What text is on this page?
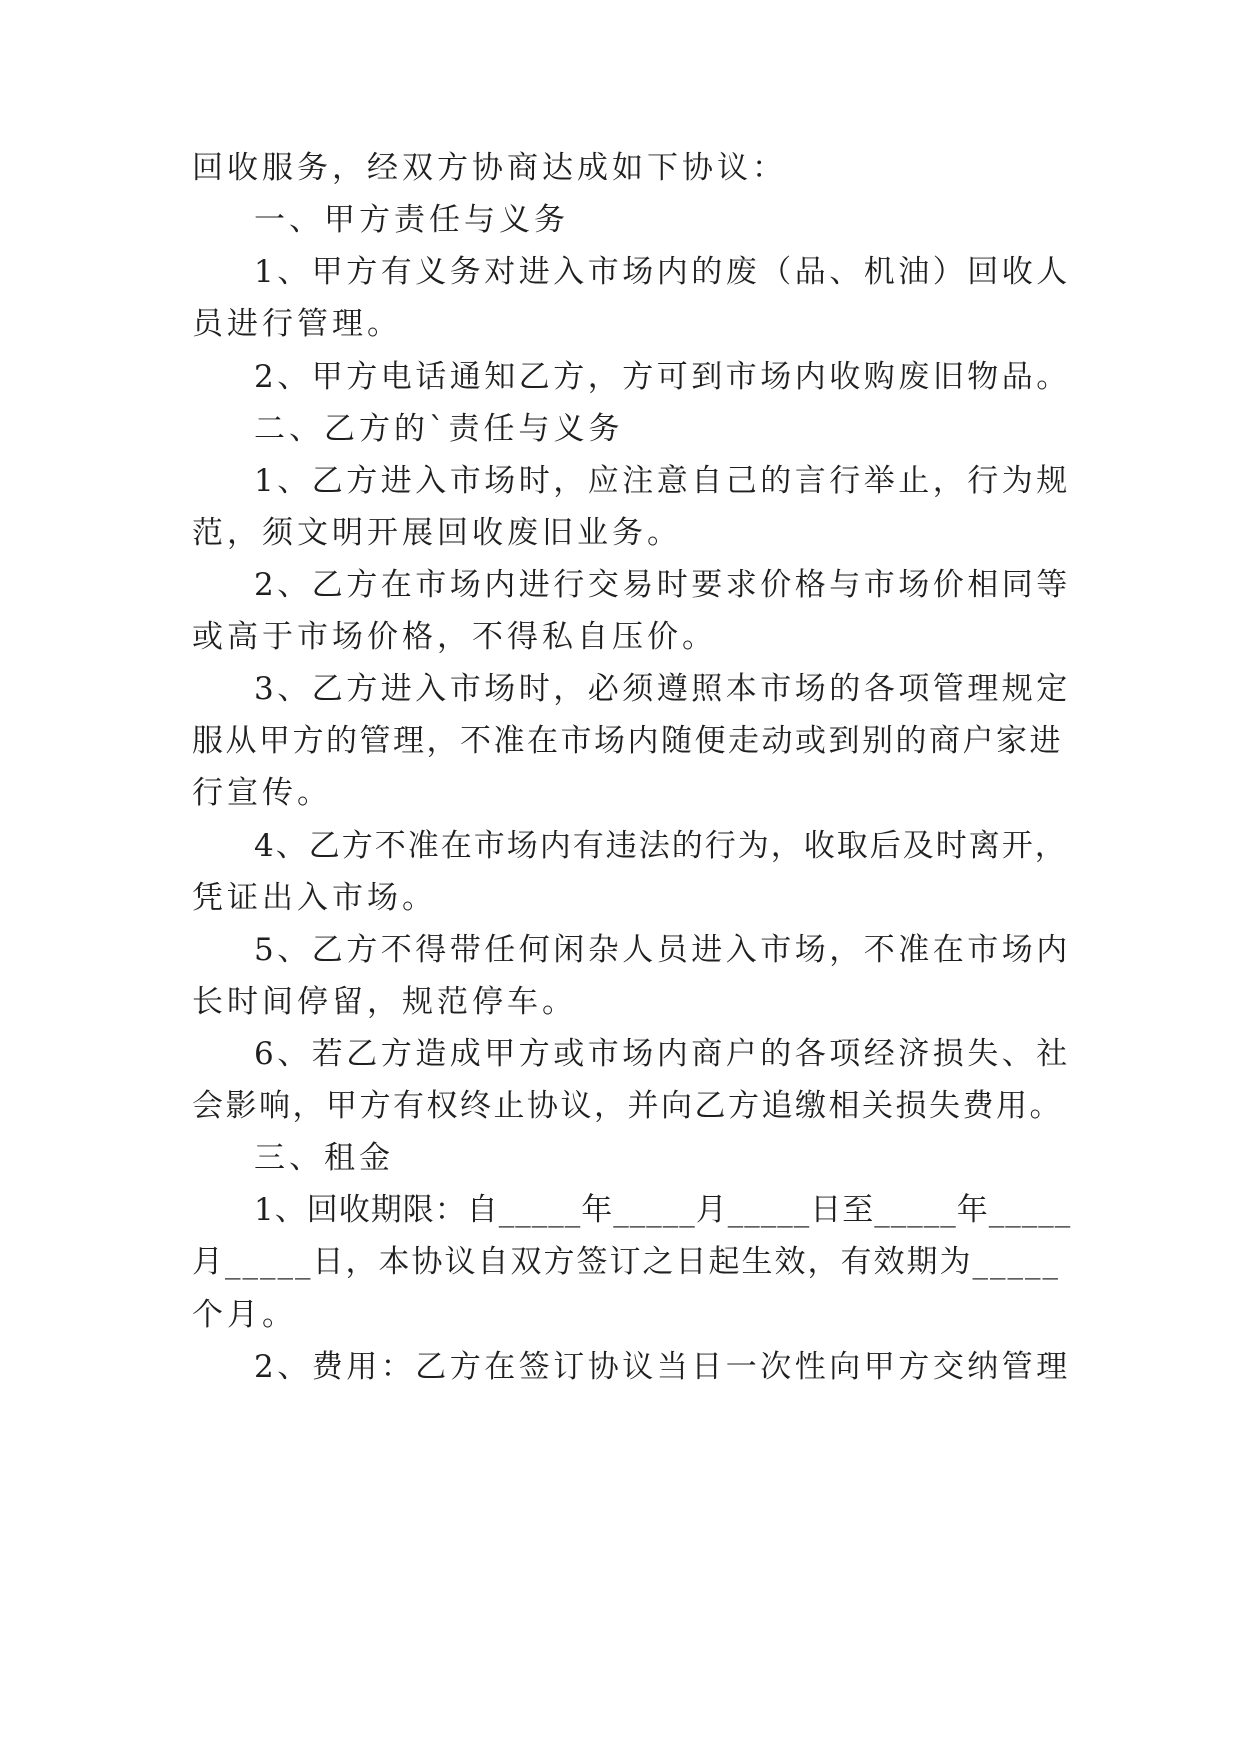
回收服务，经双方协商达成如下协议：
一、甲方责任与义务
1、甲方有义务对进入市场内的废（品、机油）回收人
员进行管理。
2、甲方电话通知乙方，方可到市场内收购废旧物品。
二、乙方的`责任与义务
1、乙方进入市场时，应注意自己的言行举止，行为规
范，须文明开展回收废旧业务。
2、乙方在市场内进行交易时要求价格与市场价相同等
或高于市场价格，不得私自压价。
3、乙方进入市场时，必须遵照本市场的各项管理规定
服从甲方的管理，不准在市场内随便走动或到别的商户家进
行宣传。
4、乙方不准在市场内有违法的行为，收取后及时离开，
凭证出入市场。
5、乙方不得带任何闲杂人员进入市场，不准在市场内
长时间停留，规范停车。
6、若乙方造成甲方或市场内商户的各项经济损失、社
会影响，甲方有权终止协议，并向乙方追缴相关损失费用。
三、租金
1、回收期限：自_____年_____月_____日至_____年_____
月_____日，本协议自双方签订之日起生效，有效期为_____
个月。
2、费用：乙方在签订协议当日一次性向甲方交纳管理
